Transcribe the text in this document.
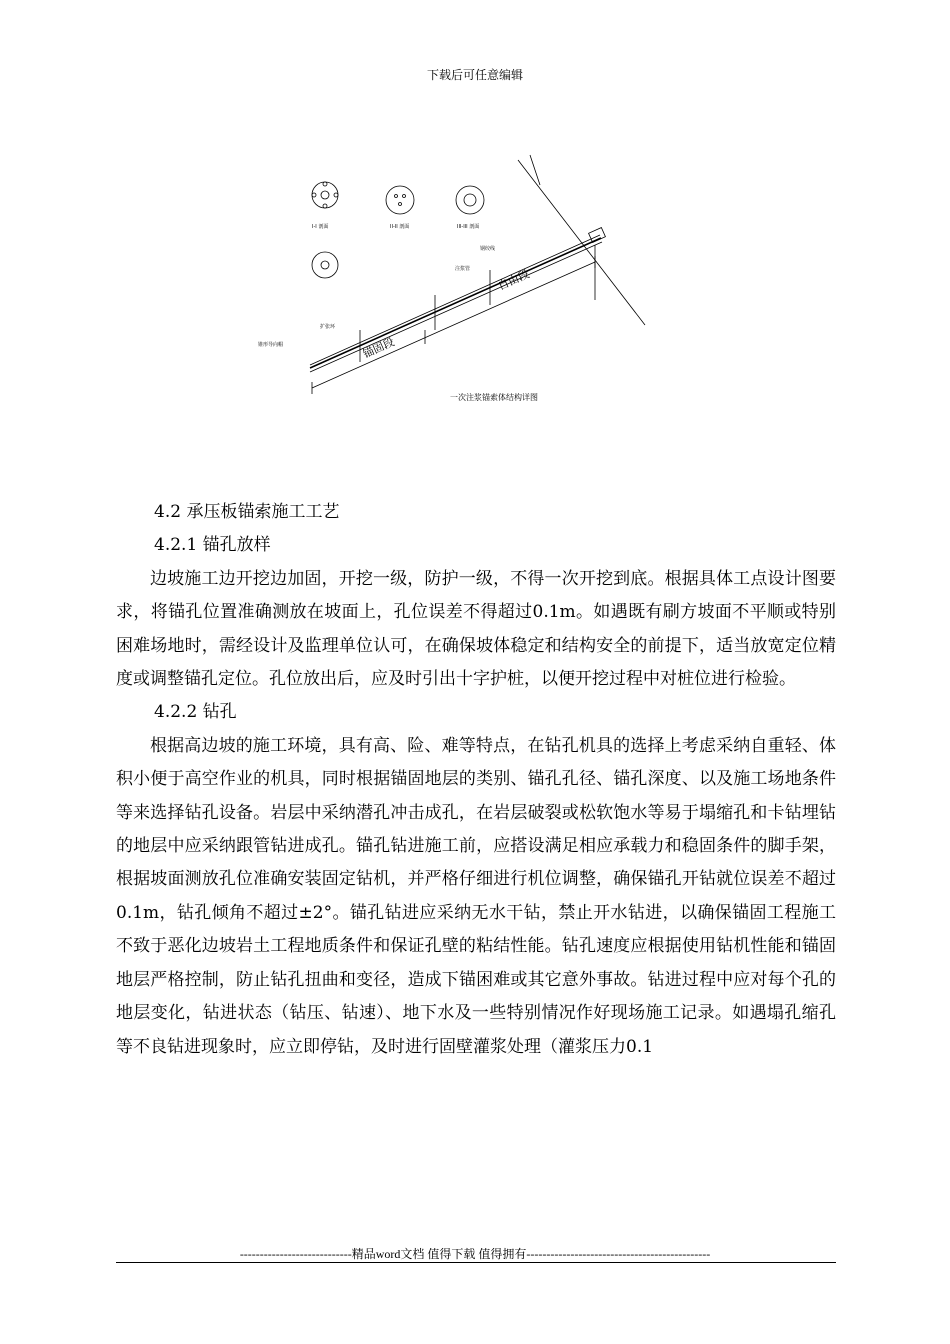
下载后可任意编辑
自由段
锚固段
I-I 剖面	II-II 剖面	III-III 剖面
注浆管
扩张环
钢绞线
锥形导向帽
一次注浆锚索体结构详图
4.2 承压板锚索施工工艺
4.2.1 锚孔放样
边坡施工边开挖边加固，开挖一级，防护一级，不得一次开挖到底。根据具体工点设计图要求，将锚孔位置准确测放在坡面上，孔位误差不得超过0.1m。如遇既有刷方坡面不平顺或特别困难场地时，需经设计及监理单位认可，在确保坡体稳定和结构安全的前提下，适当放宽定位精度或调整锚孔定位。孔位放出后，应及时引出十字护桩，以便开挖过程中对桩位进行检验。
4.2.2 钻孔
根据高边坡的施工环境，具有高、险、难等特点，在钻孔机具的选择上考虑采纳自重轻、体积小便于高空作业的机具，同时根据锚固地层的类别、锚孔孔径、锚孔深度、以及施工场地条件等来选择钻孔设备。岩层中采纳潜孔冲击成孔，在岩层破裂或松软饱水等易于塌缩孔和卡钻埋钻的地层中应采纳跟管钻进成孔。锚孔钻进施工前，应搭设满足相应承载力和稳固条件的脚手架，根据坡面测放孔位准确安装固定钻机，并严格仔细进行机位调整，确保锚孔开钻就位误差不超过0.1m，钻孔倾角不超过±2°。锚孔钻进应采纳无水干钻，禁止开水钻进，以确保锚固工程施工不致于恶化边坡岩土工程地质条件和保证孔壁的粘结性能。钻孔速度应根据使用钻机性能和锚固地层严格控制，防止钻孔扭曲和变径，造成下锚困难或其它意外事故。钻进过程中应对每个孔的地层变化，钻进状态（钻压、钻速）、地下水及一些特别情况作好现场施工记录。如遇塌孔缩孔等不良钻进现象时，应立即停钻，及时进行固壁灌浆处理（灌浆压力0.1
----------------------------精品word文档 值得下载 值得拥有----------------------------------------------
